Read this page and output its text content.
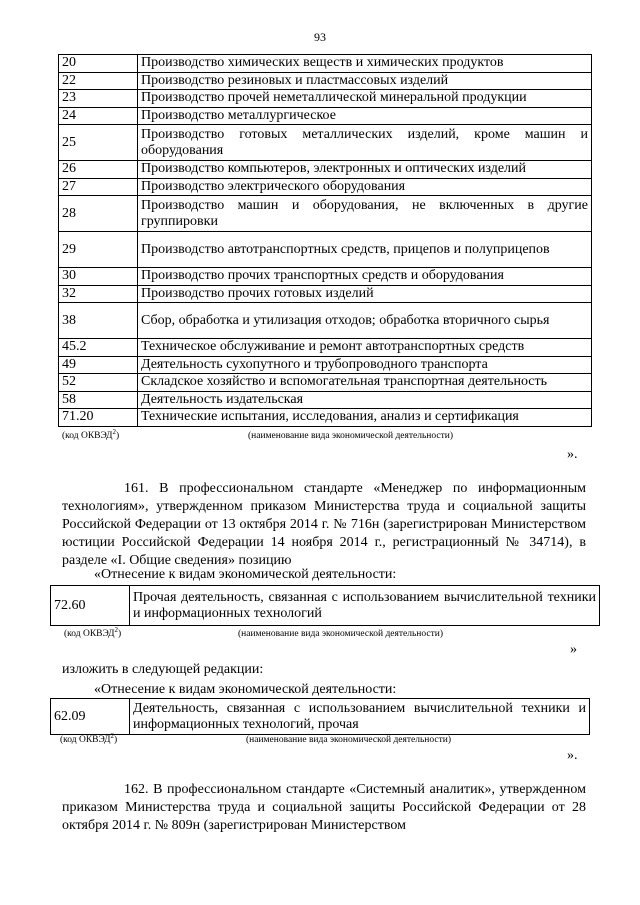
93
20	Производство химических веществ и химических продуктов
22	Производство резиновых и пластмассовых изделий
23	Производство прочей неметаллической минеральной продукции
24	Производство металлургическое
25	Производство готовых металлических изделий, кроме машин и оборудования
26	Производство компьютеров, электронных и оптических изделий
27	Производство электрического оборудования
28	Производство машин и оборудования, не включенных в другие группировки
29	Производство автотранспортных средств, прицепов и полуприцепов
30	Производство прочих транспортных средств и оборудования
32	Производство прочих готовых изделий
38	Сбор, обработка и утилизация отходов; обработка вторичного сырья
45.2	Техническое обслуживание и ремонт автотранспортных средств
49	Деятельность сухопутного и трубопроводного транспорта
52	Складское хозяйство и вспомогательная транспортная деятельность
58	Деятельность издательская
71.20	Технические испытания, исследования, анализ и сертификация
(код ОКВЭД$^2$)	(наименование вида экономической деятельности)
».
161. В профессиональном стандарте «Менеджер по информационным технологиям», утвержденном приказом Министерства труда и социальной защиты Российской Федерации от 13 октября 2014 г. № 716н (зарегистрирован Министерством юстиции Российской Федерации 14 ноября 2014 г., регистрационный № 34714), в разделе «I. Общие сведения» позицию
«Отнесение к видам экономической деятельности:
72.60	Прочая деятельность, связанная с использованием вычислительной техники и информационных технологий
(код ОКВЭД$^2$)	(наименование вида экономической деятельности)
»
изложить в следующей редакции:
«Отнесение к видам экономической деятельности:
62.09	Деятельность, связанная с использованием вычислительной техники и информационных технологий, прочая
(код ОКВЭД$^2$)	(наименование вида экономической деятельности)
».
162. В профессиональном стандарте «Системный аналитик», утвержденном приказом Министерства труда и социальной защиты Российской Федерации от 28 октября 2014 г. № 809н (зарегистрирован Министерством
